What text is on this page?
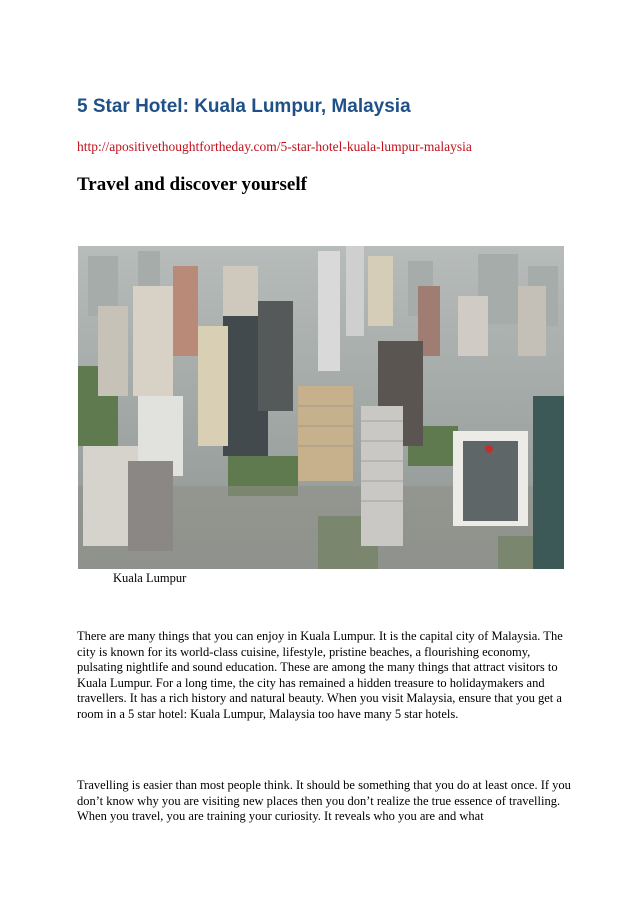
5 Star Hotel: Kuala Lumpur, Malaysia
http://apositivethoughtfortheday.com/5-star-hotel-kuala-lumpur-malaysia
Travel and discover yourself
Kuala Lumpur

There are many things that you can enjoy in Kuala Lumpur. It is the capital city of Malaysia. The city is known for its world-class cuisine, lifestyle, pristine beaches, a flourishing economy, pulsating nightlife and sound education. These are among the many things that attract visitors to Kuala Lumpur. For a long time, the city has remained a hidden treasure to holidaymakers and travellers. It has a rich history and natural beauty. When you visit Malaysia, ensure that you get a room in a 5 star hotel: Kuala Lumpur, Malaysia too have many 5 star hotels.

Travelling is easier than most people think. It should be something that you do at least once. If you don’t know why you are visiting new places then you don’t realize the true essence of travelling. When you travel, you are training your curiosity. It reveals who you are and what
